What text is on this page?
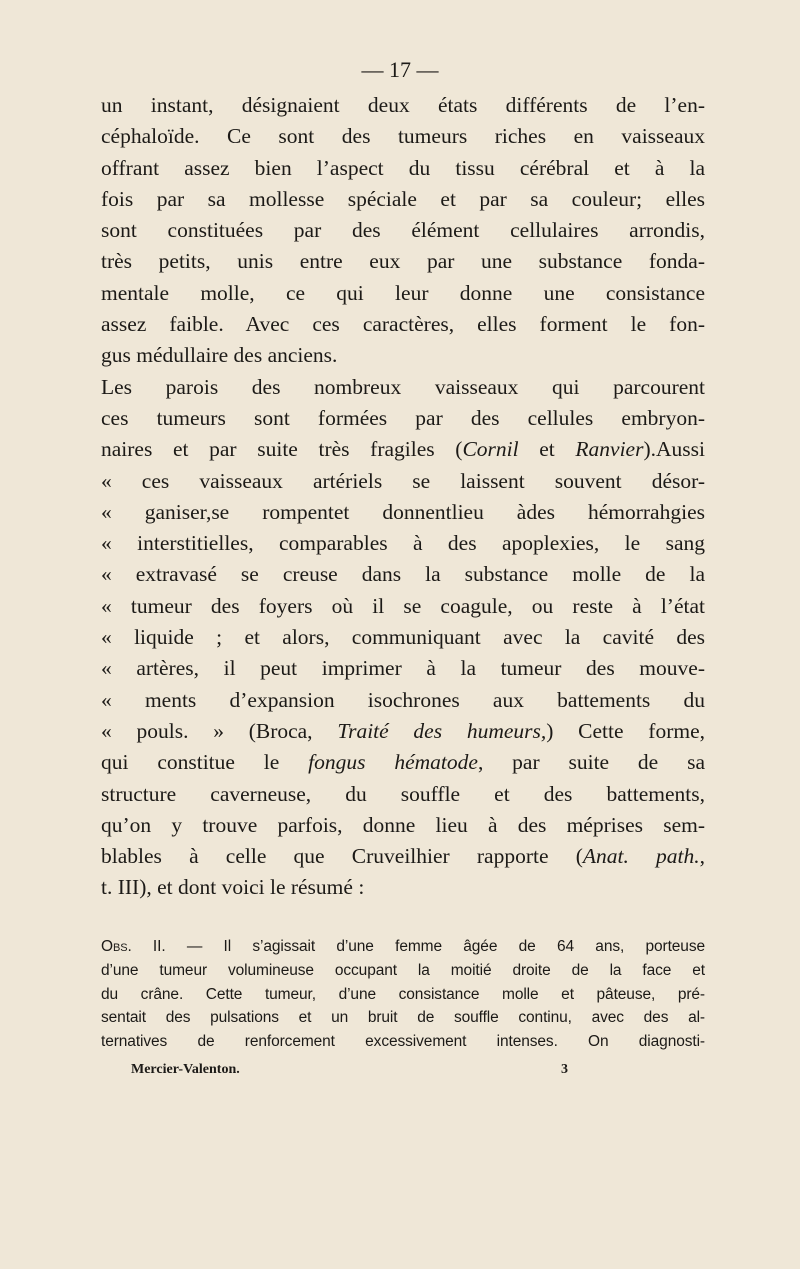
— 17 —
un instant, désignaient deux états différents de l’en-
céphaloïde. Ce sont des tumeurs riches en vaisseaux
offrant assez bien l’aspect du tissu cérébral et à la
fois par sa mollesse spéciale et par sa couleur; elles
sont constituées par des élément cellulaires arrondis,
très petits, unis entre eux par une substance fonda-
mentale molle, ce qui leur donne une consistance
assez faible. Avec ces caractères, elles forment le fon-
gus médullaire des anciens.
Les parois des nombreux vaisseaux qui parcourent
ces tumeurs sont formées par des cellules embryon-
naires et par suite très fragiles (Cornil et Ranvier).Aussi
« ces vaisseaux artériels se laissent souvent désor-
« ganiser,se rompentet donnentlieu àdes hémorrahgies
« interstitielles, comparables à des apoplexies, le sang
« extravasé se creuse dans la substance molle de la
« tumeur des foyers où il se coagule, ou reste à l’état
« liquide ; et alors, communiquant avec la cavité des
« artères, il peut imprimer à la tumeur des mouve-
« ments d’expansion isochrones aux battements du
« pouls. » (Broca, Traité des humeurs,) Cette forme,
qui constitue le fongus hématode, par suite de sa
structure caverneuse, du souffle et des battements,
qu’on y trouve parfois, donne lieu à des méprises sem-
blables à celle que Cruveilhier rapporte (Anat. path.,
t. III), et dont voici le résumé :
Obs. II. — Il s’agissait d’une femme âgée de 64 ans, porteuse
d’une tumeur volumineuse occupant la moitié droite de la face et
du crâne. Cette tumeur, d’une consistance molle et pâteuse, pré-
sentait des pulsations et un bruit de souffle continu, avec des al-
ternatives de renforcement excessivement intenses. On diagnosti-
Mercier-Valenton.	3
